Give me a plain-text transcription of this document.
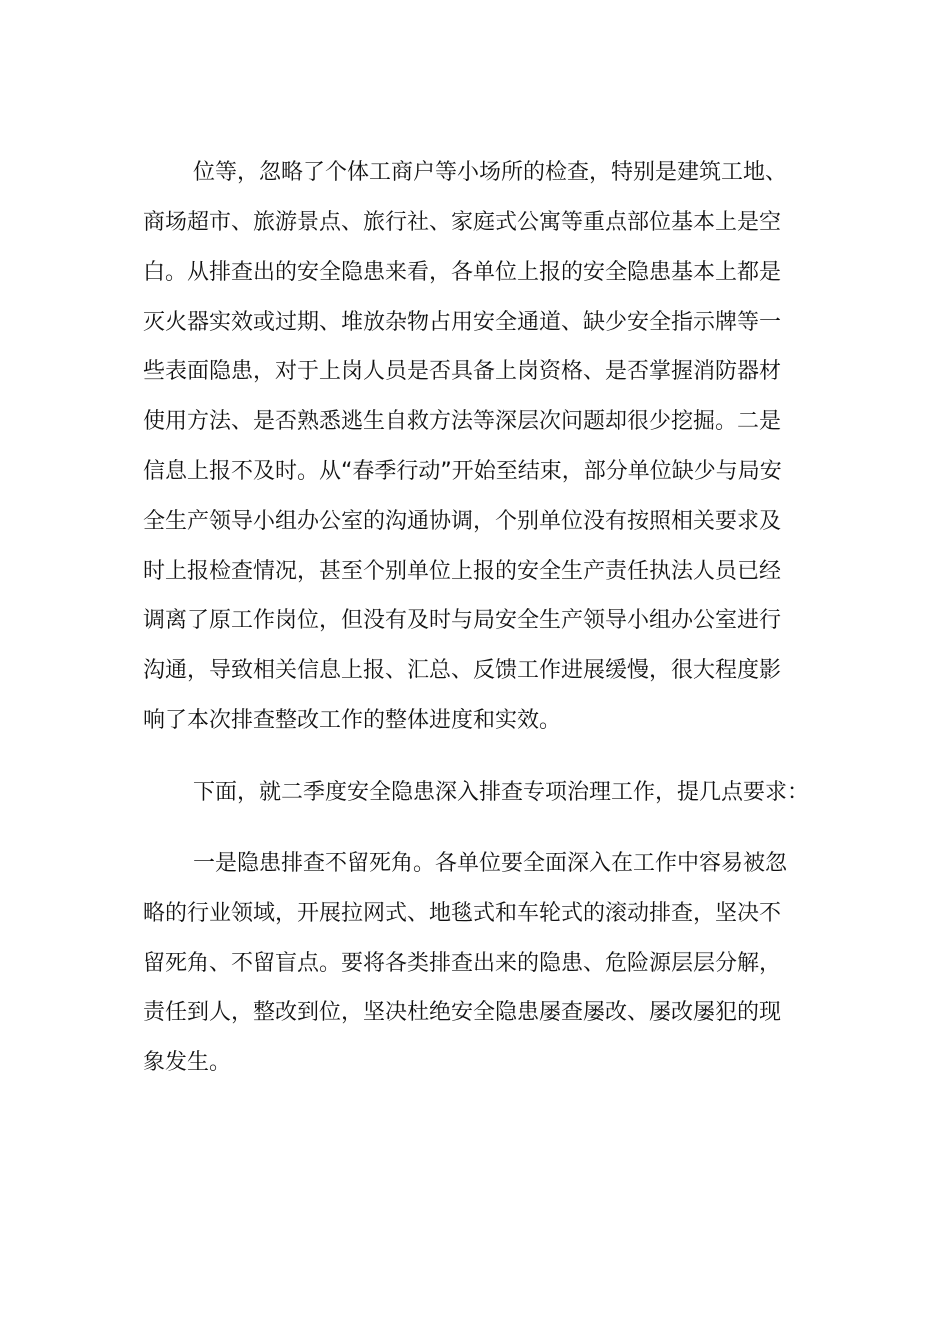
位等，忽略了个体工商户等小场所的检查，特别是建筑工地、
商场超市、旅游景点、旅行社、家庭式公寓等重点部位基本上是空
白。从排查出的安全隐患来看，各单位上报的安全隐患基本上都是
灭火器实效或过期、堆放杂物占用安全通道、缺少安全指示牌等一
些表面隐患，对于上岗人员是否具备上岗资格、是否掌握消防器材
使用方法、是否熟悉逃生自救方法等深层次问题却很少挖掘。二是
信息上报不及时。从“春季行动”开始至结束，部分单位缺少与局安
全生产领导小组办公室的沟通协调，个别单位没有按照相关要求及
时上报检查情况，甚至个别单位上报的安全生产责任执法人员已经
调离了原工作岗位，但没有及时与局安全生产领导小组办公室进行
沟通，导致相关信息上报、汇总、反馈工作进展缓慢，很大程度影
响了本次排查整改工作的整体进度和实效。
下面，就二季度安全隐患深入排查专项治理工作，提几点要求：
一是隐患排查不留死角。各单位要全面深入在工作中容易被忽
略的行业领域，开展拉网式、地毯式和车轮式的滚动排查，坚决不
留死角、不留盲点。要将各类排查出来的隐患、危险源层层分解，
责任到人，整改到位，坚决杜绝安全隐患屡查屡改、屡改屡犯的现
象发生。
